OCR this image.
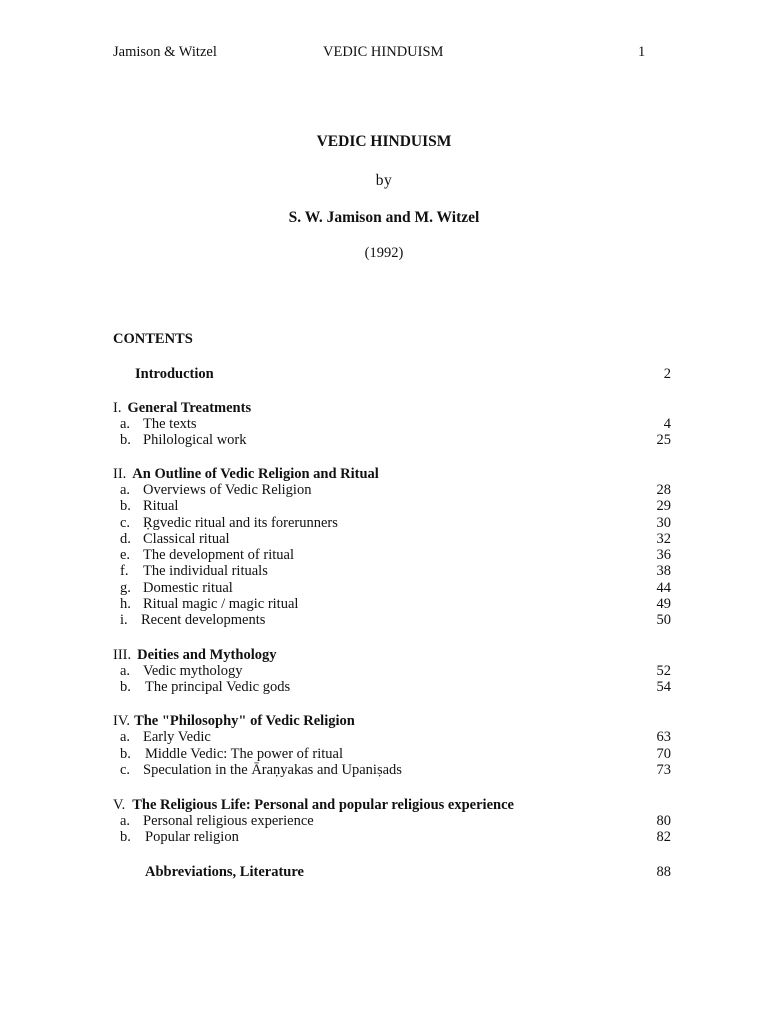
Jamison & Witzel	VEDIC HINDUISM	1
VEDIC HINDUISM
by
S. W. Jamison and M. Witzel
(1992)
CONTENTS
Introduction	2
I. General Treatments
a. The texts	4
b. Philological work	25
II. An Outline of Vedic Religion and Ritual
a. Overviews of Vedic Religion	28
b. Ritual	29
c. Ṛgvedic ritual and its forerunners	30
d. Classical ritual	32
e. The development of ritual	36
f. The individual rituals	38
g. Domestic ritual	44
h. Ritual magic / magic ritual	49
i. Recent developments	50
III. Deities and Mythology
a. Vedic mythology	52
b. The principal Vedic gods	54
IV. The "Philosophy" of Vedic Religion
a. Early Vedic	63
b. Middle Vedic: The power of ritual	70
c. Speculation in the Āraṇyakas and Upaniṣads	73
V. The Religious Life: Personal and popular religious experience
a. Personal religious experience	80
b. Popular religion	82
Abbreviations, Literature	88
